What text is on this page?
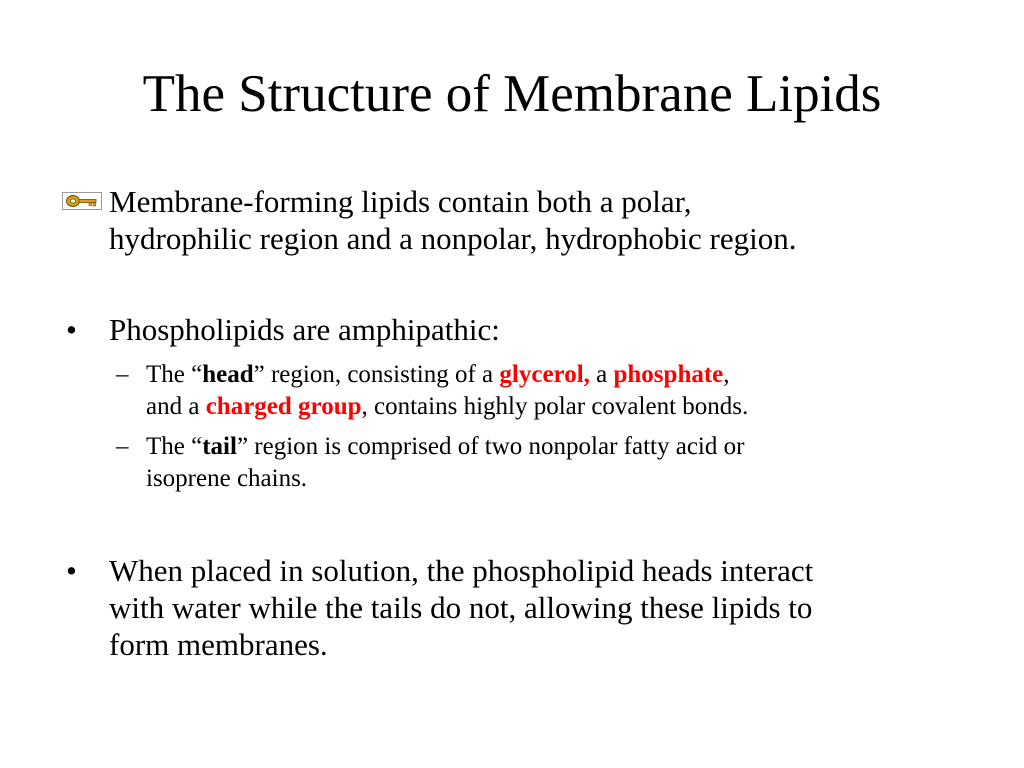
The Structure of Membrane Lipids
Membrane-forming lipids contain both a polar,
hydrophilic region and a nonpolar, hydrophobic region.
• Phospholipids are amphipathic:
– The “head” region, consisting of a glycerol, a phosphate,
and a charged group, contains highly polar covalent bonds.
– The “tail” region is comprised of two nonpolar fatty acid or
isoprene chains.
• When placed in solution, the phospholipid heads interact
with water while the tails do not, allowing these lipids to
form membranes.
